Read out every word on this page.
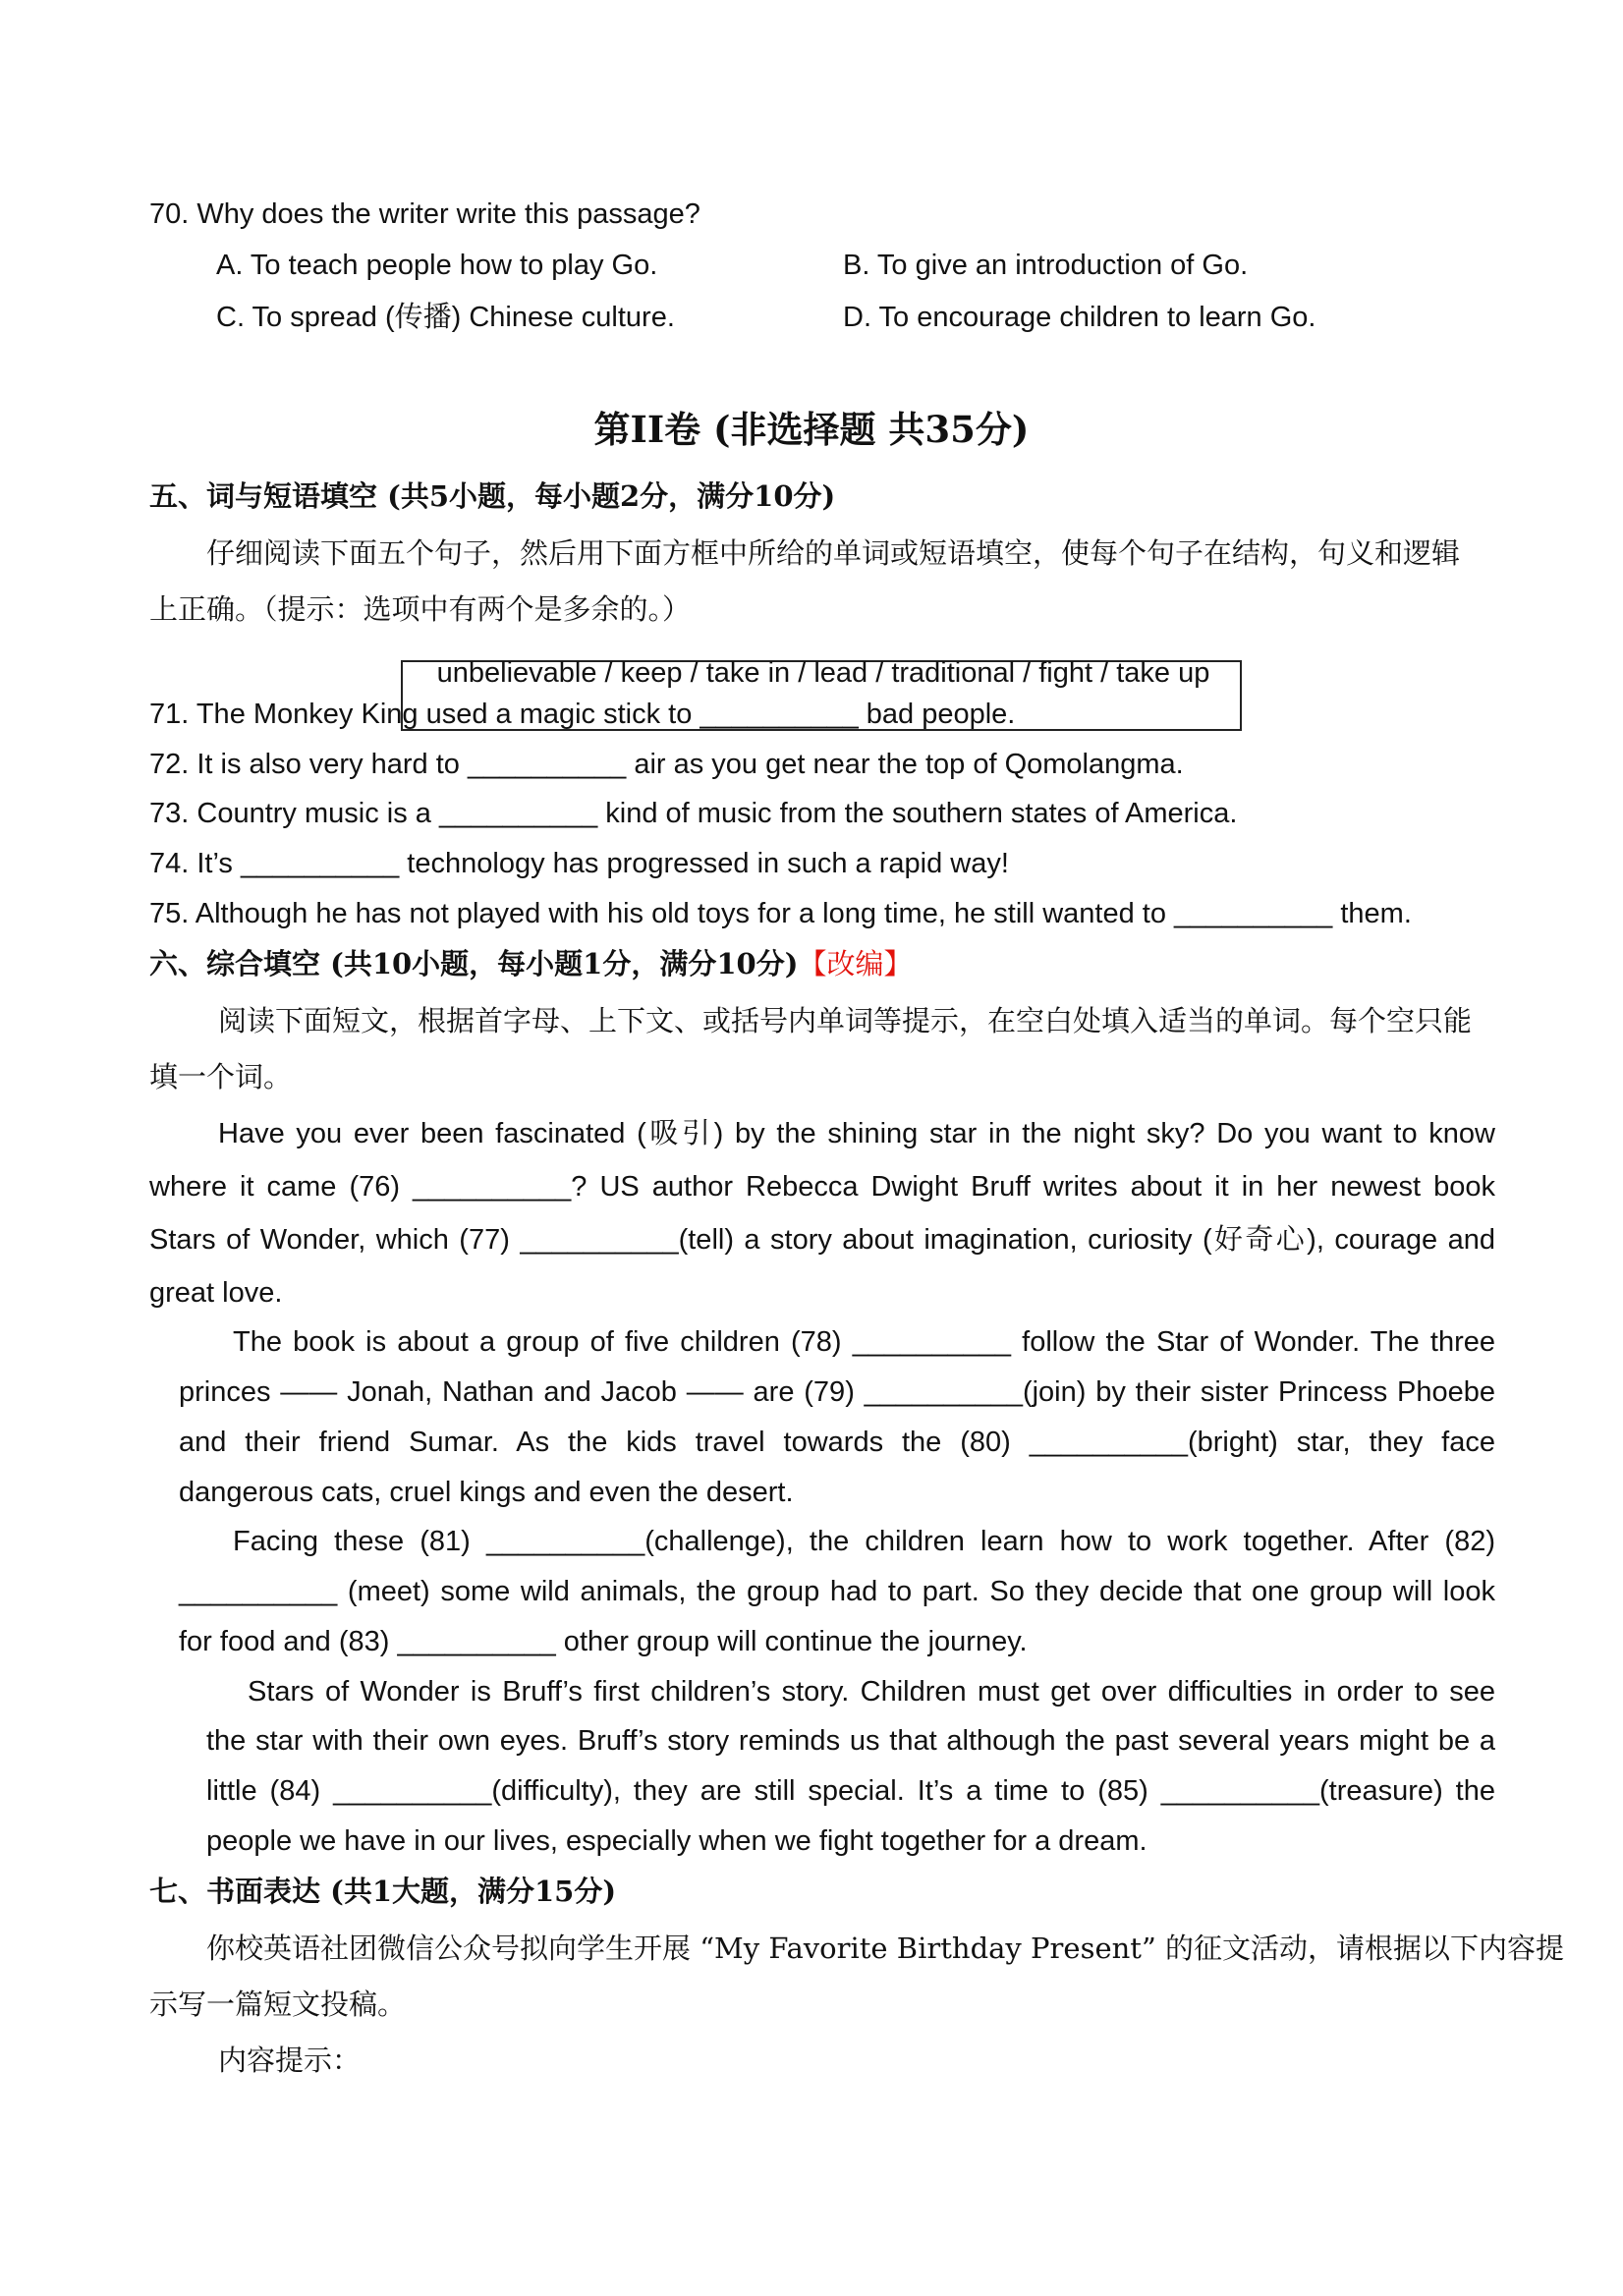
70. Why does the writer write this passage?
A. To teach people how to play Go.	B. To give an introduction of Go.
C. To spread (传播) Chinese culture.	D. To encourage children to learn Go.
第II卷 (非选择题 共35分)
五、词与短语填空 (共5小题，每小题2分，满分10分)
仔细阅读下面五个句子，然后用下面方框中所给的单词或短语填空，使每个句子在结构，句义和逻辑
上正确。（提示：选项中有两个是多余的。）
unbelievable / keep / take in / lead / traditional / fight / take up
71. The Monkey King used a magic stick to __________ bad people.
72. It is also very hard to __________ air as you get near the top of Qomolangma.
73. Country music is a __________ kind of music from the southern states of America.
74. It’s __________ technology has progressed in such a rapid way!
75. Although he has not played with his old toys for a long time, he still wanted to __________ them.
六、综合填空 (共10小题，每小题1分，满分10分)【改编】
阅读下面短文，根据首字母、上下文、或括号内单词等提示，在空白处填入适当的单词。每个空只能
填一个词。
Have you ever been fascinated (吸引) by the shining star in the night sky? Do you want to know
where it came (76) __________? US author Rebecca Dwight Bruff writes about it in her newest book
Stars of Wonder, which (77) __________(tell) a story about imagination, curiosity (好奇心), courage and
great love.
The book is about a group of five children (78) __________ follow the Star of Wonder. The three
princes —— Jonah, Nathan and Jacob —— are (79) __________(join) by their sister Princess Phoebe
and their friend Sumar. As the kids travel towards the (80) __________(bright) star, they face
dangerous cats, cruel kings and even the desert.
Facing these (81) __________(challenge), the children learn how to work together. After (82)
__________ (meet) some wild animals, the group had to part. So they decide that one group will look
for food and (83) __________ other group will continue the journey.
Stars of Wonder is Bruff’s first children’s story. Children must get over difficulties in order to see
the star with their own eyes. Bruff’s story reminds us that although the past several years might be a
little (84) __________(difficulty), they are still special. It’s a time to (85) __________(treasure) the
people we have in our lives, especially when we fight together for a dream.
七、书面表达 (共1大题，满分15分)
你校英语社团微信公众号拟向学生开展 “My Favorite Birthday Present” 的征文活动，请根据以下内容提
示写一篇短文投稿。
内容提示：
